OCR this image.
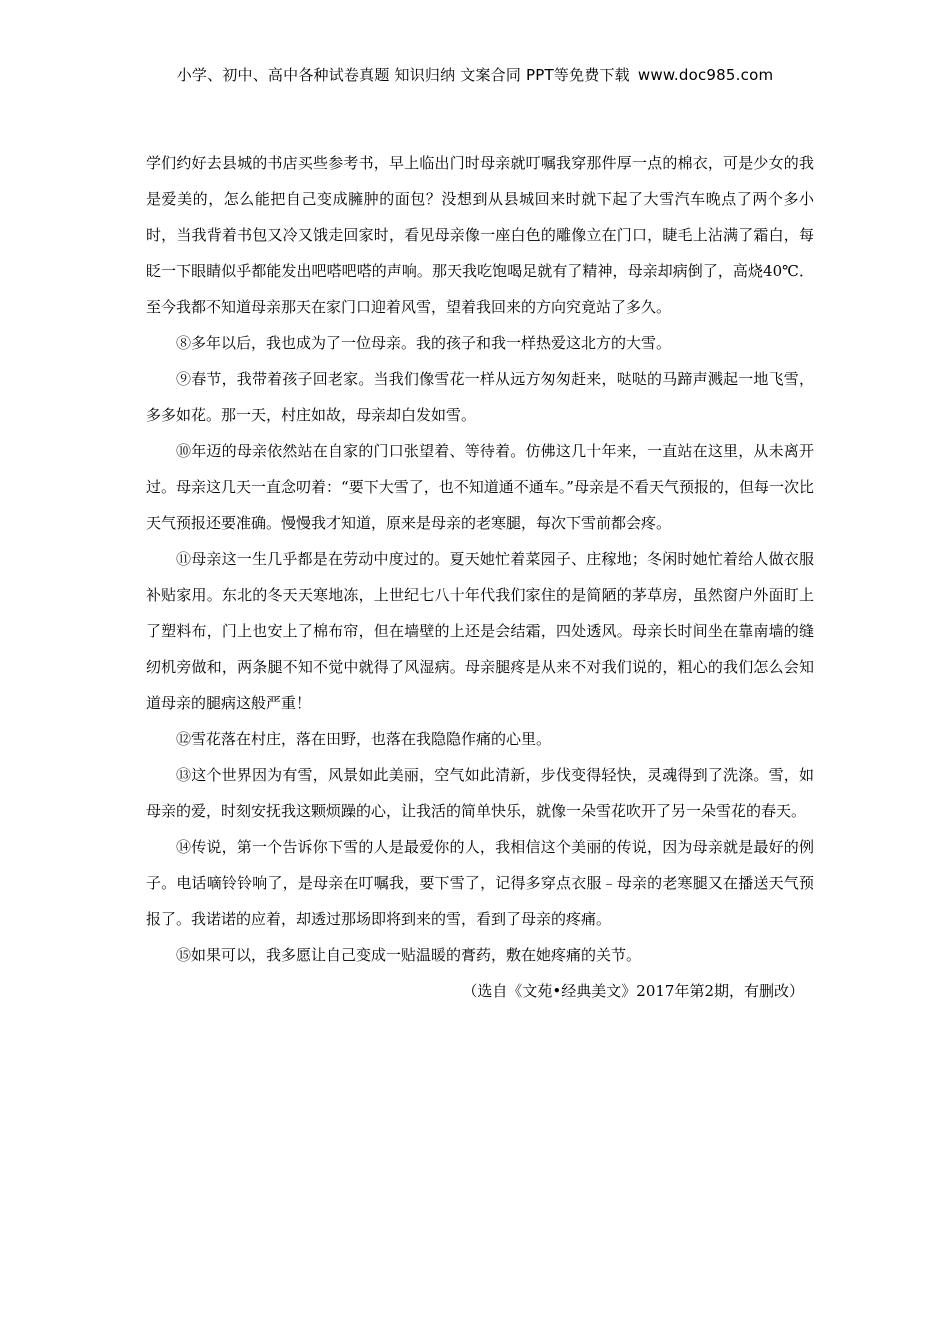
小学、初中、高中各种试卷真题 知识归纳 文案合同 PPT等免费下载 www.doc985.com

学们约好去县城的书店买些参考书，早上临出门时母亲就叮嘱我穿那件厚一点的棉衣，可是少女的我是爱美的，怎么能把自己变成臃肿的面包？没想到从县城回来时就下起了大雪汽车晚点了两个多小时，当我背着书包又冷又饿走回家时，看见母亲像一座白色的雕像立在门口，睫毛上沾满了霜白，每眨一下眼睛似乎都能发出吧嗒吧嗒的声响。那天我吃饱喝足就有了精神，母亲却病倒了，高烧40℃．至今我都不知道母亲那天在家门口迎着风雪，望着我回来的方向究竟站了多久。

⑧多年以后，我也成为了一位母亲。我的孩子和我一样热爱这北方的大雪。

⑨春节，我带着孩子回老家。当我们像雪花一样从远方匆匆赶来，哒哒的马蹄声溅起一地飞雪，多多如花。那一天，村庄如故，母亲却白发如雪。

⑩年迈的母亲依然站在自家的门口张望着、等待着。仿佛这几十年来，一直站在这里，从未离开过。母亲这几天一直念叨着：“要下大雪了，也不知道通不通车。”母亲是不看天气预报的，但每一次比天气预报还要准确。慢慢我才知道，原来是母亲的老寒腿，每次下雪前都会疼。

⑪母亲这一生几乎都是在劳动中度过的。夏天她忙着菜园子、庄稼地；冬闲时她忙着给人做衣服补贴家用。东北的冬天天寒地冻，上世纪七八十年代我们家住的是简陋的茅草房，虽然窗户外面盯上了塑料布，门上也安上了棉布帘，但在墙壁的上还是会结霜，四处透风。母亲长时间坐在靠南墙的缝纫机旁做和，两条腿不知不觉中就得了风湿病。母亲腿疼是从来不对我们说的，粗心的我们怎么会知道母亲的腿病这般严重！

⑫雪花落在村庄，落在田野，也落在我隐隐作痛的心里。

⑬这个世界因为有雪，风景如此美丽，空气如此清新，步伐变得轻快，灵魂得到了洗涤。雪，如母亲的爱，时刻安抚我这颗烦躁的心，让我活的简单快乐，就像一朵雪花吹开了另一朵雪花的春天。

⑭传说，第一个告诉你下雪的人是最爱你的人，我相信这个美丽的传说，因为母亲就是最好的例子。电话嘀铃铃响了，是母亲在叮嘱我，要下雪了，记得多穿点衣服﹣母亲的老寒腿又在播送天气预报了。我诺诺的应着，却透过那场即将到来的雪，看到了母亲的疼痛。

⑮如果可以，我多愿让自己变成一贴温暖的膏药，敷在她疼痛的关节。

（选自《文苑•经典美文》2017年第2期，有删改）
